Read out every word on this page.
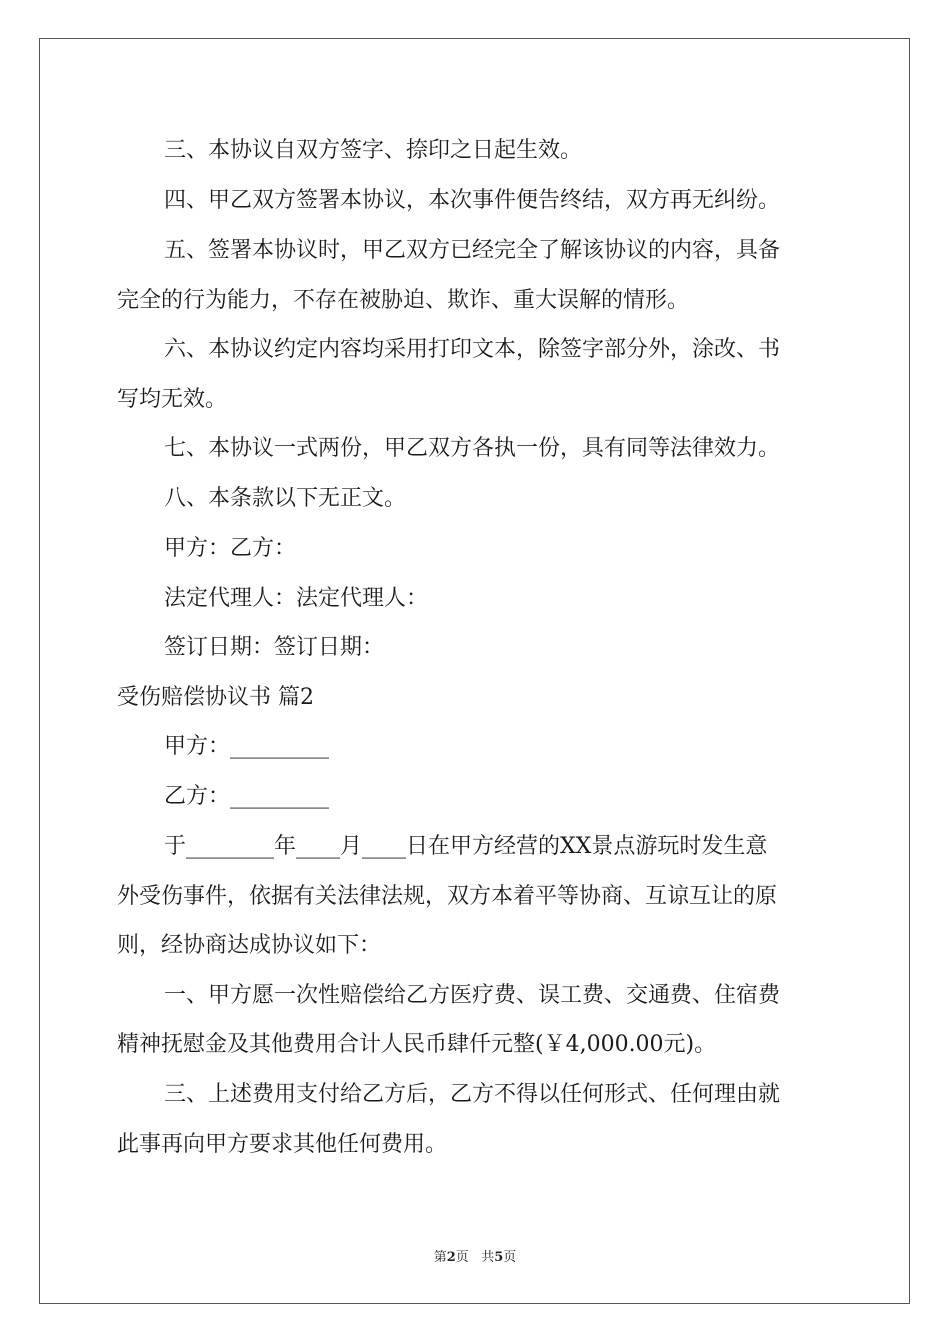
三、本协议自双方签字、捺印之日起生效。
四、甲乙双方签署本协议，本次事件便告终结，双方再无纠纷。
五、签署本协议时，甲乙双方已经完全了解该协议的内容，具备
完全的行为能力，不存在被胁迫、欺诈、重大误解的情形。
六、本协议约定内容均采用打印文本，除签字部分外，涂改、书
写均无效。
七、本协议一式两份，甲乙双方各执一份，具有同等法律效力。
八、本条款以下无正文。
甲方：乙方：
法定代理人：法定代理人：
签订日期：签订日期：
受伤赔偿协议书 篇2
甲方：_________
乙方：_________
于________年____月____日在甲方经营的XX景点游玩时发生意
外受伤事件，依据有关法律法规，双方本着平等协商、互谅互让的原
则，经协商达成协议如下：
一、甲方愿一次性赔偿给乙方医疗费、误工费、交通费、住宿费
精神抚慰金及其他费用合计人民币肆仟元整(￥4,000.00元)。
三、上述费用支付给乙方后，乙方不得以任何形式、任何理由就
此事再向甲方要求其他任何费用。
第2页 共5页
